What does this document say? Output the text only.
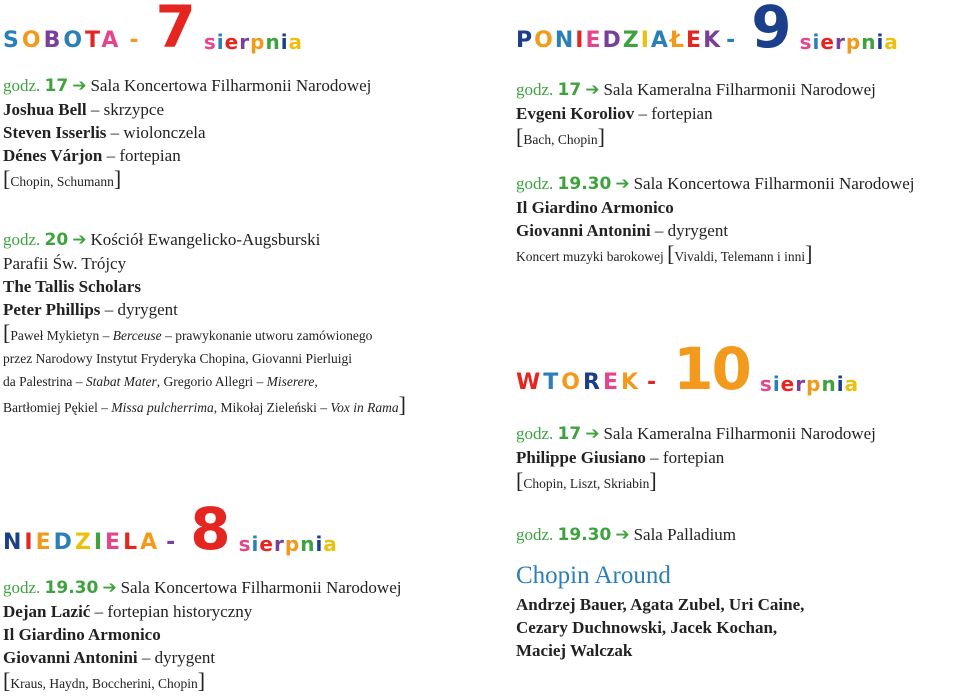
SOBOTA - 7 sierpnia
godz. 17 ➔ Sala Koncertowa Filharmonii Narodowej
Joshua Bell – skrzypce
Steven Isserlis – wiolonczela
Dénes Várjon – fortepian
[Chopin, Schumann]
godz. 20 ➔ Kościół Ewangelicko-Augsburski
Parafii Św. Trójcy
The Tallis Scholars
Peter Phillips – dyrygent
[Paweł Mykietyn – Berceuse – prawykonanie utworu zamówionego
przez Narodowy Instytut Fryderyka Chopina, Giovanni Pierluigi
da Palestrina – Stabat Mater, Gregorio Allegri – Miserere,
Bartłomiej Pękiel – Missa pulcherrima, Mikołaj Zieleński – Vox in Rama]
NIEDZIELA - 8 sierpnia
godz. 19.30 ➔ Sala Koncertowa Filharmonii Narodowej
Dejan Lazić – fortepian historyczny
Il Giardino Armonico
Giovanni Antonini – dyrygent
[Kraus, Haydn, Boccherini, Chopin]
PONIEDZIAŁEK - 9 sierpnia
godz. 17 ➔ Sala Kameralna Filharmonii Narodowej
Evgeni Koroliov – fortepian
[Bach, Chopin]
godz. 19.30 ➔ Sala Koncertowa Filharmonii Narodowej
Il Giardino Armonico
Giovanni Antonini – dyrygent
Koncert muzyki barokowej [Vivaldi, Telemann i inni]
WTOREK - 10 sierpnia
godz. 17 ➔ Sala Kameralna Filharmonii Narodowej
Philippe Giusiano – fortepian
[Chopin, Liszt, Skriabin]
godz. 19.30 ➔ Sala Palladium
Chopin Around
Andrzej Bauer, Agata Zubel, Uri Caine,
Cezary Duchnowski, Jacek Kochan,
Maciej Walczak
